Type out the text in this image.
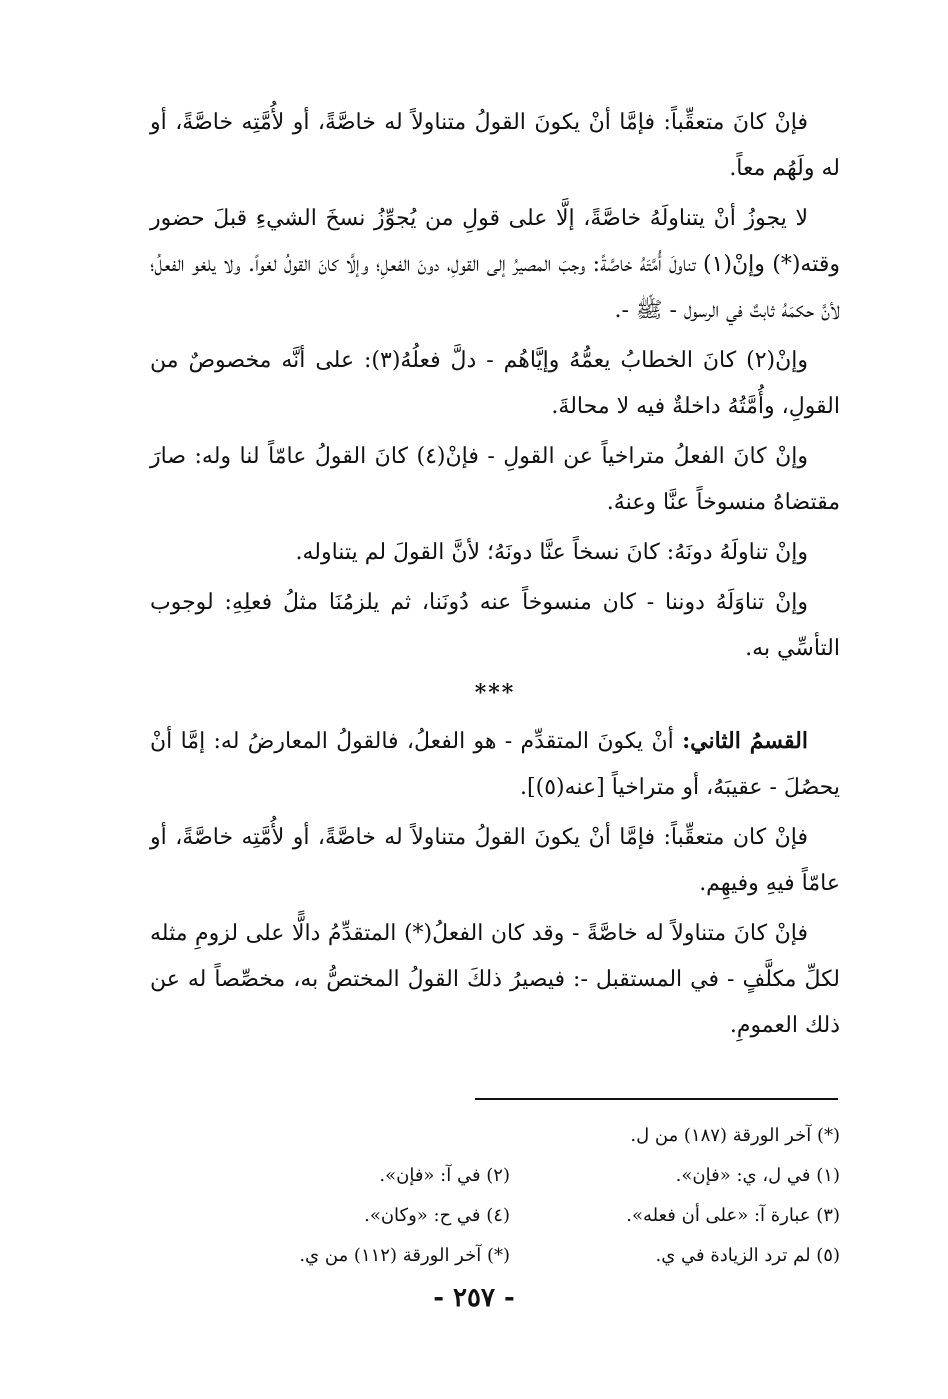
فإنْ كانَ متعقِّباً: فإمَّا أنْ يكونَ القولُ متناولاً له خاصَّةً، أو لأُمَّتِه خاصَّةً، أو له ولَهُم معاً.

لا يجوزُ أنْ يتناولَهُ خاصَّةً، إلَّا على قولِ من يُجوِّزُ نسخَ الشيءِ قبلَ حضور وقته(*) وإنْ(١) تناولَ أُمَّتَهُ خاصَّةً: وجبَ المصيرُ إلى القولِ، دونَ الفعلِ؛ وإلَّا كانَ القولُ لغواً. ولا يلغو الفعلُ؛ لأنَّ حكمَهُ ثابتٌ في الرسول - ﷺ -.

وإنْ(٢) كانَ الخطابُ يعمُّهُ وإيَّاهُم - دلَّ فعلُهُ(٣): على أنَّه مخصوصٌ من القولِ، وأُمَّتُهُ داخلةٌ فيه لا محالةَ.

وإنْ كانَ الفعلُ متراخياً عن القولِ - فإنْ(٤) كانَ القولُ عامّاً لنا وله: صارَ مقتضاهُ منسوخاً عنَّا وعنهُ.

وإنْ تناولَهُ دونَهُ: كانَ نسخاً عنَّا دونَهُ؛ لأنَّ القولَ لم يتناوله.

وإنْ تناوَلَهُ دوننا - كان منسوخاً عنه دُونَنا، ثم يلزمُنَا مثلُ فعلِهِ: لوجوب التأسِّي به.

***

القسمُ الثاني: أنْ يكونَ المتقدِّم - هو الفعلُ، فالقولُ المعارضُ له: إمَّا أنْ يحصُلَ - عقيبَهُ، أو متراخياً [عنه(٥)].

فإنْ كان متعقِّباً: فإمَّا أنْ يكونَ القولُ متناولاً له خاصَّةً، أو لأُمَّتِه خاصَّةً، أو عامّاً فيهِ وفيهِم.

فإنْ كانَ متناولاً له خاصَّةً - وقد كان الفعلُ(*) المتقدِّمُ دالًّا على لزومِ مثله لكلِّ مكلَّفٍ - في المستقبل -: فيصيرُ ذلكَ القولُ المختصُّ به، مخصِّصاً له عن ذلك العمومِ.

(*) آخر الورقة (١٨٧) من ل.
(١) في ل، ي: «فإن».
(٢) في آ: «فإن».
(٣) عبارة آ: «على أن فعله».
(٤) في ح: «وكان».
(٥) لم ترد الزيادة في ي.
(*) آخر الورقة (١١٢) من ي.
- ٢٥٧ -
